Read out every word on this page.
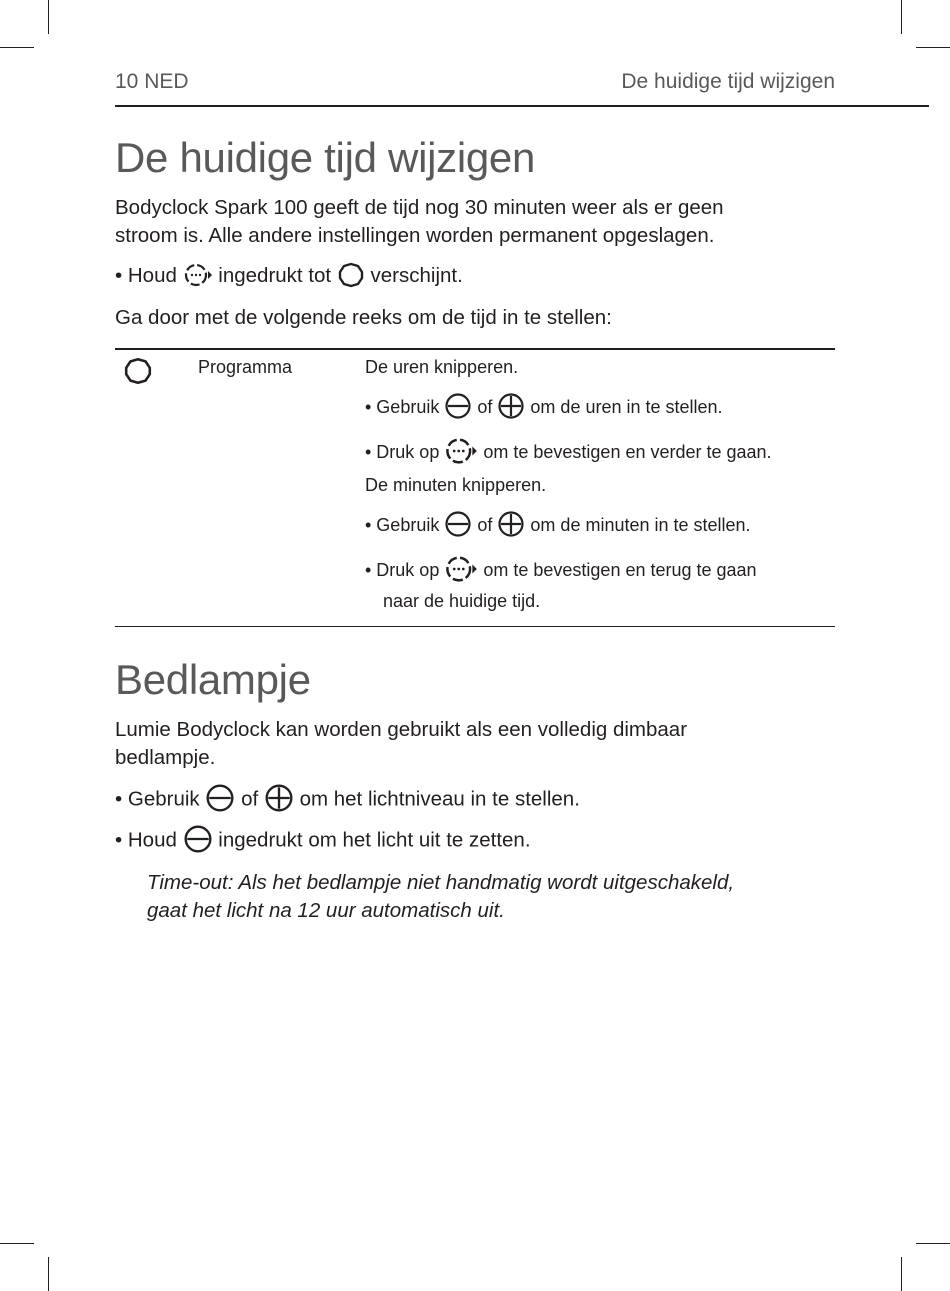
10 NED	De huidige tijd wijzigen
De huidige tijd wijzigen
Bodyclock Spark 100 geeft de tijd nog 30 minuten weer als er geen
stroom is. Alle andere instellingen worden permanent opgeslagen.
• Houd ingedrukt tot verschijnt.
Ga door met de volgende reeks om de tijd in te stellen:
Programma	De uren knipperen.
• Gebruik of om de uren in te stellen.
• Druk op om te bevestigen en verder te gaan.
De minuten knipperen.
• Gebruik of om de minuten in te stellen.
• Druk op om te bevestigen en terug te gaan
naar de huidige tijd.
Bedlampje
Lumie Bodyclock kan worden gebruikt als een volledig dimbaar
bedlampje.
• Gebruik of om het lichtniveau in te stellen.
• Houd ingedrukt om het licht uit te zetten.
Time-out: Als het bedlampje niet handmatig wordt uitgeschakeld,
gaat het licht na 12 uur automatisch uit.
